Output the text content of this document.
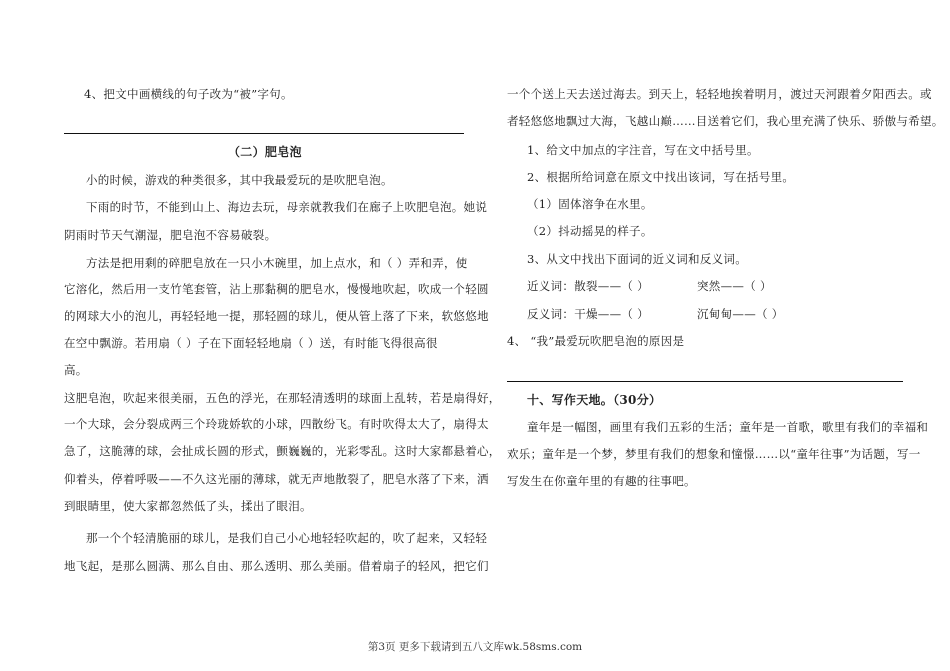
4、把文中画横线的句子改为“被”字句。
（二）肥皂泡
小的时候，游戏的种类很多，其中我最爱玩的是吹肥皂泡。
下雨的时节，不能到山上、海边去玩，母亲就教我们在廊子上吹肥皂泡。她说
阴雨时节天气潮湿，肥皂泡不容易破裂。
方法是把用剩的碎肥皂放在一只小木碗里，加上点水，和（ ）弄和弄，使
它溶化，然后用一支竹笔套管，沾上那黏稠的肥皂水，慢慢地吹起，吹成一个轻圆
的网球大小的泡儿，再轻轻地一提，那轻圆的球儿，便从管上落了下来，软悠悠地
在空中飘游。若用扇（ ）子在下面轻轻地扇（ ）送，有时能飞得很高很
高。
这肥皂泡，吹起来很美丽，五色的浮光，在那轻清透明的球面上乱转，若是扇得好，
一个大球，会分裂成两三个玲珑娇软的小球，四散纷飞。有时吹得太大了，扇得太
急了，这脆薄的球，会扯成长圆的形式，颤巍巍的，光彩零乱。这时大家都悬着心，
仰着头，停着呼吸——不久这光丽的薄球，就无声地散裂了，肥皂水落了下来，洒
到眼睛里，使大家都忽然低了头，揉出了眼泪。
那一个个轻清脆丽的球儿，是我们自己小心地轻轻吹起的，吹了起来，又轻轻
地飞起，是那么圆满、那么自由、那么透明、那么美丽。借着扇子的轻风，把它们
一个个送上天去送过海去。到天上，轻轻地挨着明月，渡过天河跟着夕阳西去。或
者轻悠悠地飘过大海，飞越山巅……目送着它们，我心里充满了快乐、骄傲与希望。
1、给文中加点的字注音，写在文中括号里。
2、根据所给词意在原文中找出该词，写在括号里。
（1）固体溶争在水里。
（2）抖动摇晃的样子。
3、从文中找出下面词的近义词和反义词。
近义词：散裂——（ ）	突然——（ ）
反义词：干燥——（ ）	沉甸甸——（ ）
4、 “我”最爱玩吹肥皂泡的原因是
十、写作天地。（30分）
童年是一幅图，画里有我们五彩的生活；童年是一首歌，歌里有我们的幸福和
欢乐；童年是一个梦，梦里有我们的想象和憧憬……以“童年往事”为话题，写一
写发生在你童年里的有趣的往事吧。
第3页 更多下载请到五八文库wk.58sms.com
